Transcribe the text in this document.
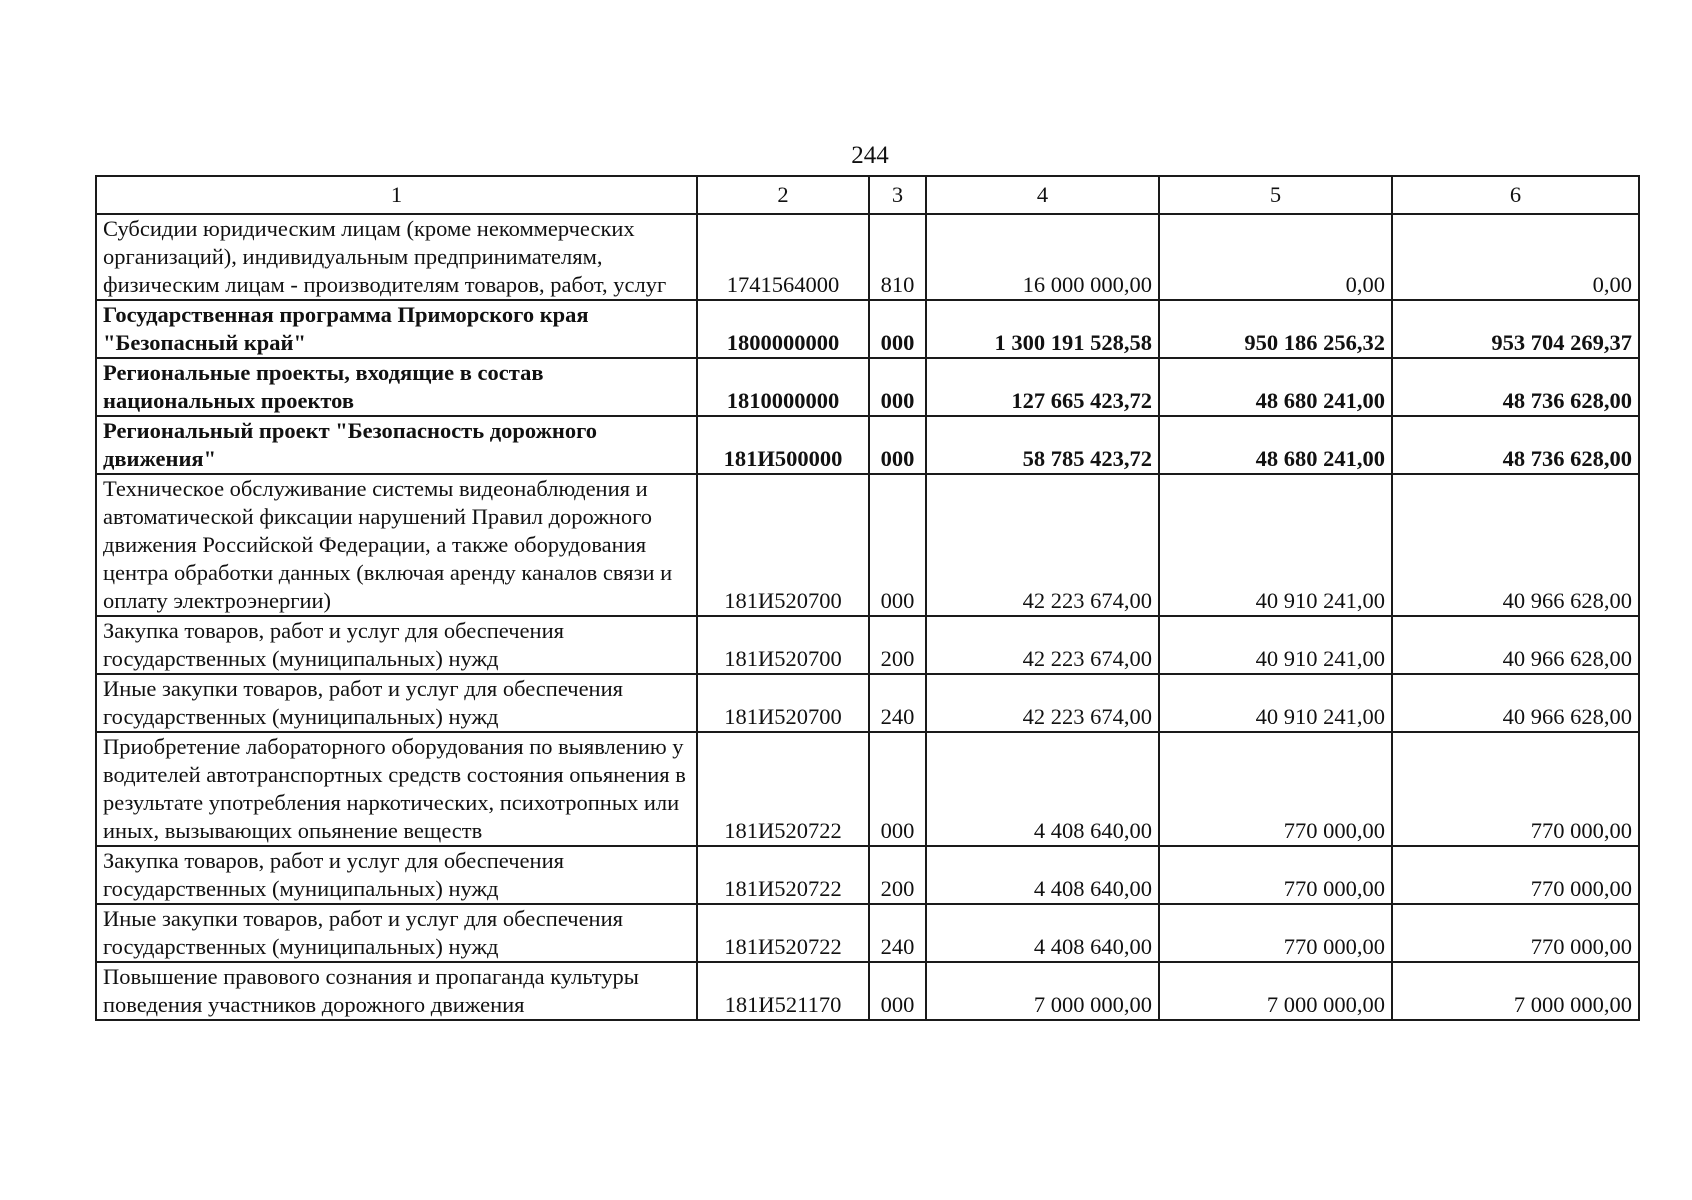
244
1	2	3	4	5	6
Субсидии юридическим лицам (кроме некоммерческих организаций), индивидуальным предпринимателям, физическим лицам - производителям товаров, работ, услуг	1741564000	810	16 000 000,00	0,00	0,00
Государственная программа Приморского края "Безопасный край"	1800000000	000	1 300 191 528,58	950 186 256,32	953 704 269,37
Региональные проекты, входящие в состав национальных проектов	1810000000	000	127 665 423,72	48 680 241,00	48 736 628,00
Региональный проект "Безопасность дорожного движения"	181И500000	000	58 785 423,72	48 680 241,00	48 736 628,00
Техническое обслуживание системы видеонаблюдения и автоматической фиксации нарушений Правил дорожного движения Российской Федерации, а также оборудования центра обработки данных (включая аренду каналов связи и оплату электроэнергии)	181И520700	000	42 223 674,00	40 910 241,00	40 966 628,00
Закупка товаров, работ и услуг для обеспечения государственных (муниципальных) нужд	181И520700	200	42 223 674,00	40 910 241,00	40 966 628,00
Иные закупки товаров, работ и услуг для обеспечения государственных (муниципальных) нужд	181И520700	240	42 223 674,00	40 910 241,00	40 966 628,00
Приобретение лабораторного оборудования по выявлению у водителей автотранспортных средств состояния опьянения в результате употребления наркотических, психотропных или иных, вызывающих опьянение веществ	181И520722	000	4 408 640,00	770 000,00	770 000,00
Закупка товаров, работ и услуг для обеспечения государственных (муниципальных) нужд	181И520722	200	4 408 640,00	770 000,00	770 000,00
Иные закупки товаров, работ и услуг для обеспечения государственных (муниципальных) нужд	181И520722	240	4 408 640,00	770 000,00	770 000,00
Повышение правового сознания и пропаганда культуры поведения участников дорожного движения	181И521170	000	7 000 000,00	7 000 000,00	7 000 000,00
